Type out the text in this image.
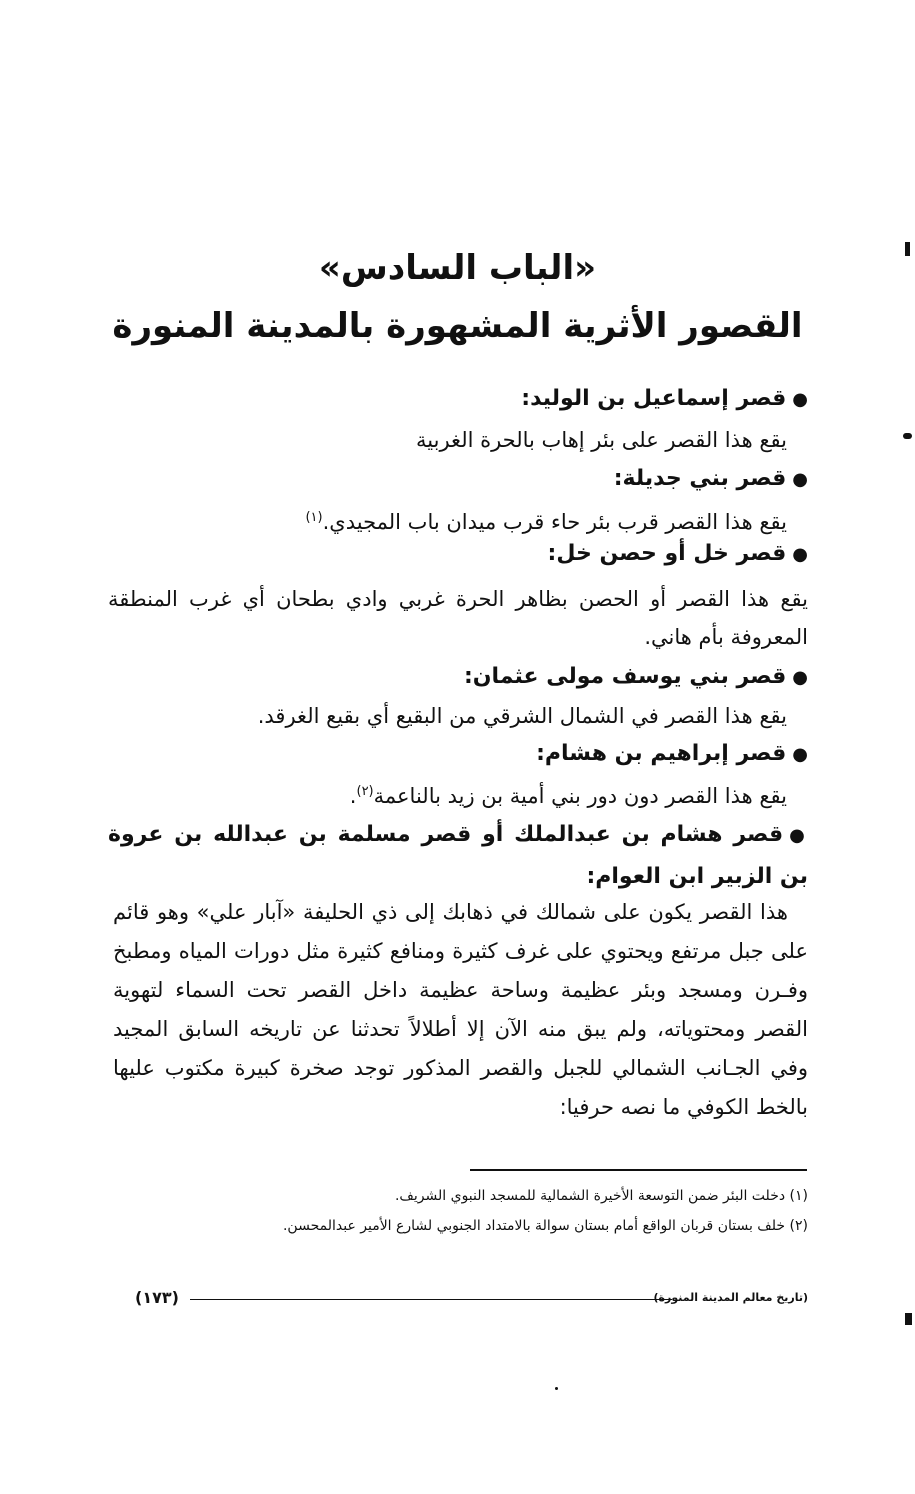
«الباب السادس»
القصور الأثرية المشهورة بالمدينة المنورة
●قصر إسماعيل بن الوليد:
يقع هذا القصر على بئر إهاب بالحرة الغربية
●قصر بني جديلة:
يقع هذا القصر قرب بئر حاء قرب ميدان باب المجيدي.$^{(١)}$
●قصر خل أو حصن خل:
يقع هذا القصر أو الحصن بظاهر الحرة غربي وادي بطحان أي غرب المنطقة المعروفة بأم هاني.
●قصر بني يوسف مولى عثمان:
يقع هذا القصر في الشمال الشرقي من البقيع أي بقيع الغرقد.
●قصر إبراهيم بن هشام:
يقع هذا القصر دون دور بني أمية بن زيد بالناعمة$^{(٢)}$.
●قصر هشام بن عبدالملك أو قصر مسلمة بن عبدالله بن عروة بن الزبير ابن العوام:
هذا القصر يكون على شمالك في ذهابك إلى ذي الحليفة «آبار علي» وهو قائم على جبل مرتفع ويحتوي على غرف كثيرة ومنافع كثيرة مثل دورات المياه ومطبخ وفـرن ومسجد وبئر عظيمة وساحة عظيمة داخل القصر تحت السماء لتهوية القصر ومحتوياته، ولم يبق منه الآن إلا أطلالاً تحدثنا عن تاريخه السابق المجيد وفي الجـانب الشمالي للجبل والقصر المذكور توجد صخرة كبيرة مكتوب عليها بالخط الكوفي ما نصه حرفيا:
(١) دخلت البئر ضمن التوسعة الأخيرة الشمالية للمسجد النبوي الشريف.
(٢) خلف بستان قربان الواقع أمام بستان سوالة بالامتداد الجنوبي لشارع الأمير عبدالمحسن.
(١٧٣)	(تاريخ معالم المدينة المنورة)
